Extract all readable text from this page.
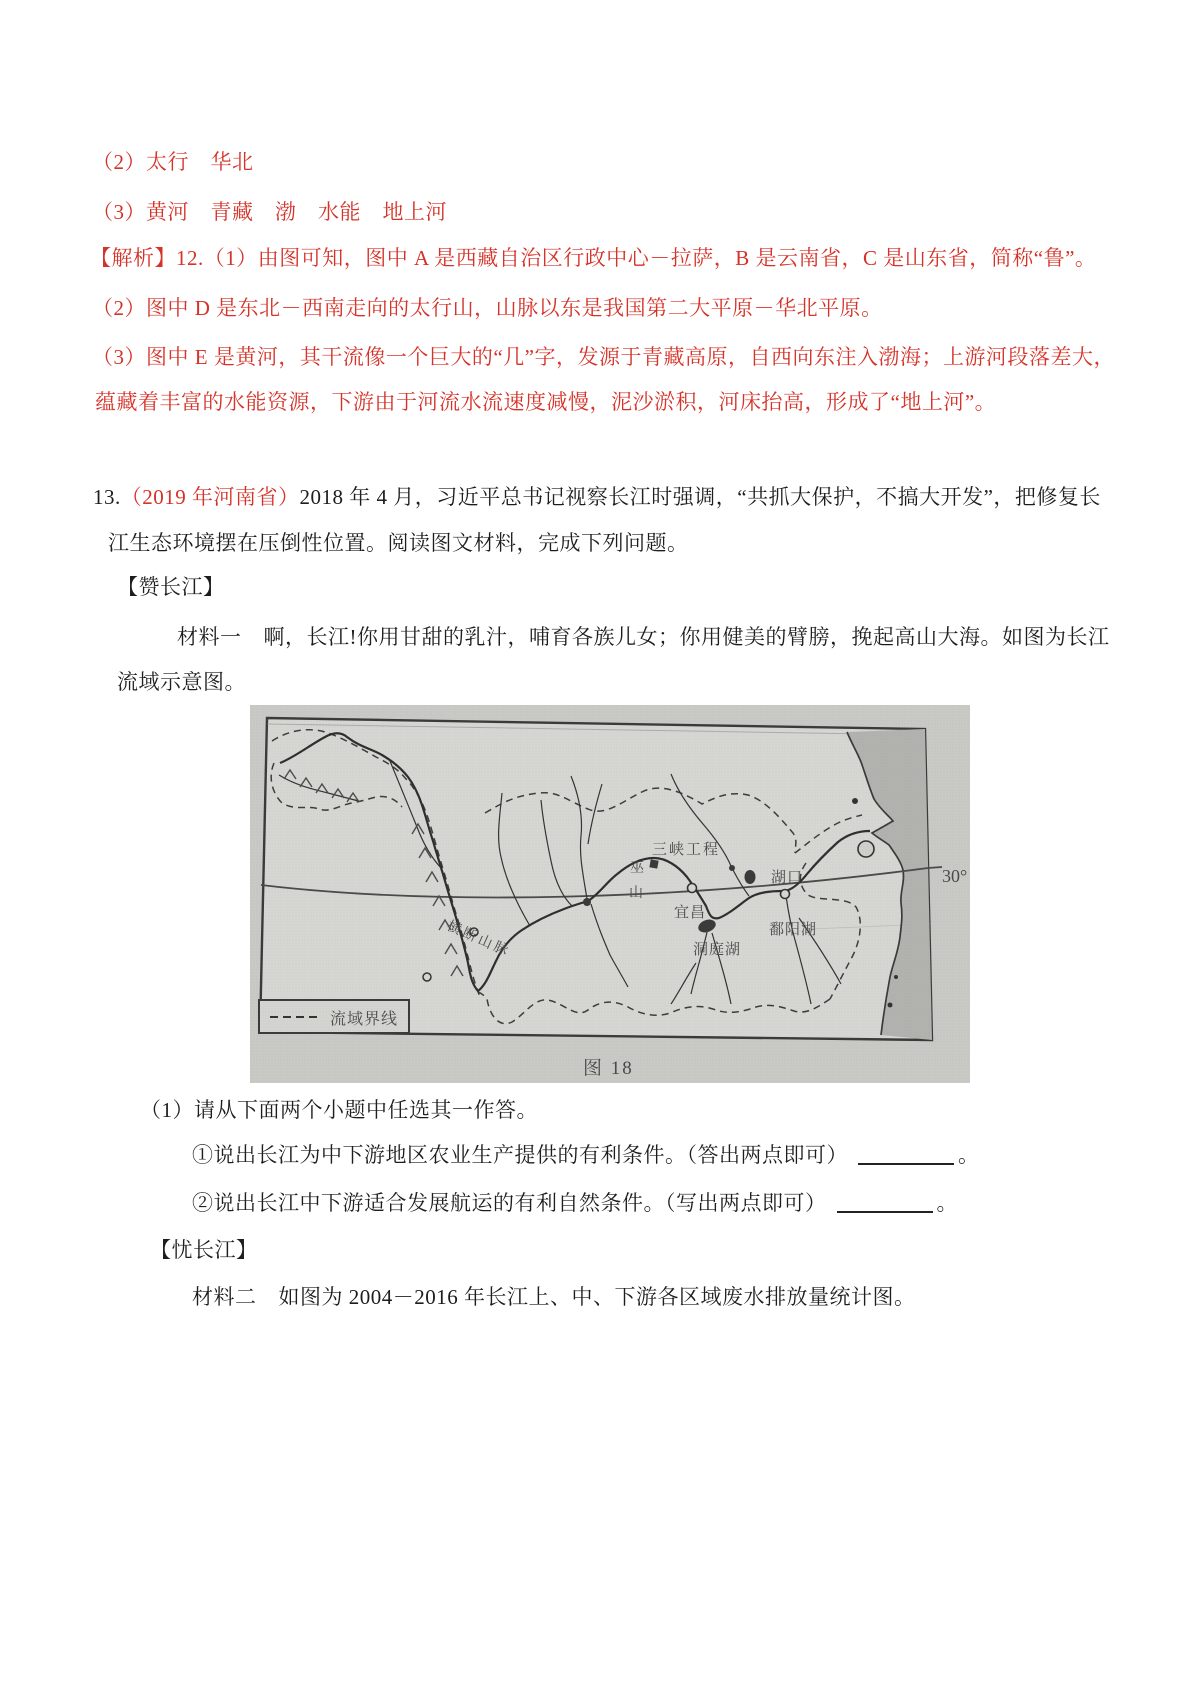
（2）太行　华北
（3）黄河　青藏　渤　水能　地上河
【解析】12.（1）由图可知，图中 A 是西藏自治区行政中心－拉萨，B 是云南省，C 是山东省，简称“鲁”。
（2）图中 D 是东北－西南走向的太行山，山脉以东是我国第二大平原－华北平原。
（3）图中 E 是黄河，其干流像一个巨大的“几”字，发源于青藏高原，自西向东注入渤海；上游河段落差大，
蕴藏着丰富的水能资源，下游由于河流水流速度减慢，泥沙淤积，河床抬高，形成了“地上河”。
13.（2019 年河南省）2018 年 4 月，习近平总书记视察长江时强调，“共抓大保护，不搞大开发”，把修复长
江生态环境摆在压倒性位置。阅读图文材料，完成下列问题。
【赞长江】
材料一 啊，长江!你用甘甜的乳汁，哺育各族儿女；你用健美的臂膀，挽起高山大海。如图为长江
流域示意图。
（1）请从下面两个小题中任选其一作答。
①说出长江为中下游地区农业生产提供的有利条件。（答出两点即可）	。
②说出长江中下游适合发展航运的有利自然条件。（写出两点即可）	。
【忧长江】
材料二 如图为 2004－2016 年长江上、中、下游各区域废水排放量统计图。
